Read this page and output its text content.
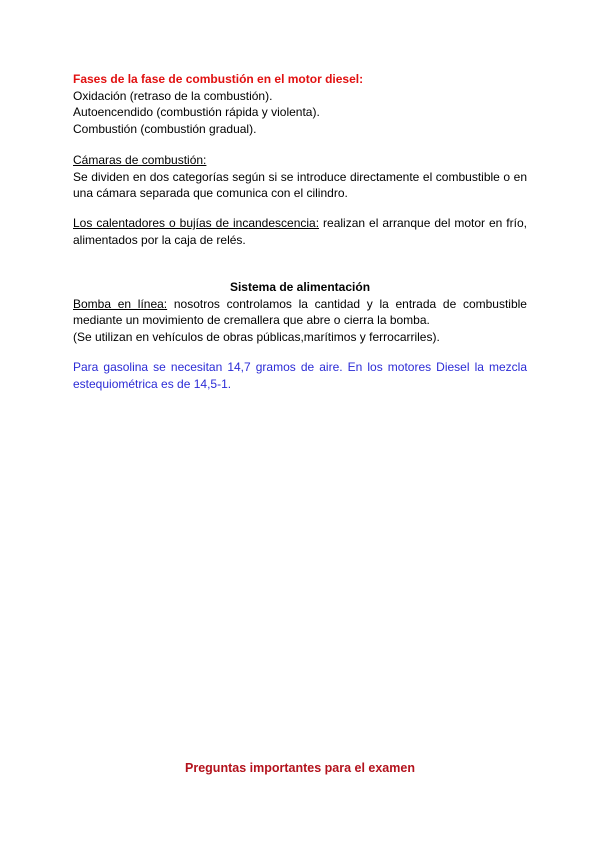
Fases de la fase de combustión en el motor diesel:

Oxidación (retraso de la combustión).

Autoencendido (combustión rápida y violenta).

Combustión (combustión gradual).

Cámaras de combustión:

Se dividen en dos categorías según si se introduce directamente el combustible o en una cámara separada que comunica con el cilindro.

Los calentadores o bujías de incandescencia: realizan el arranque del motor en frío, alimentados por la caja de relés.

Sistema de alimentación

Bomba en línea: nosotros controlamos la cantidad y la entrada de combustible mediante un movimiento de cremallera que abre o cierra la bomba.

(Se utilizan en vehículos de obras públicas,marítimos y ferrocarriles).

Para gasolina se necesitan 14,7 gramos de aire. En los motores Diesel la mezcla estequiométrica es de 14,5-1.

Preguntas importantes para el examen
